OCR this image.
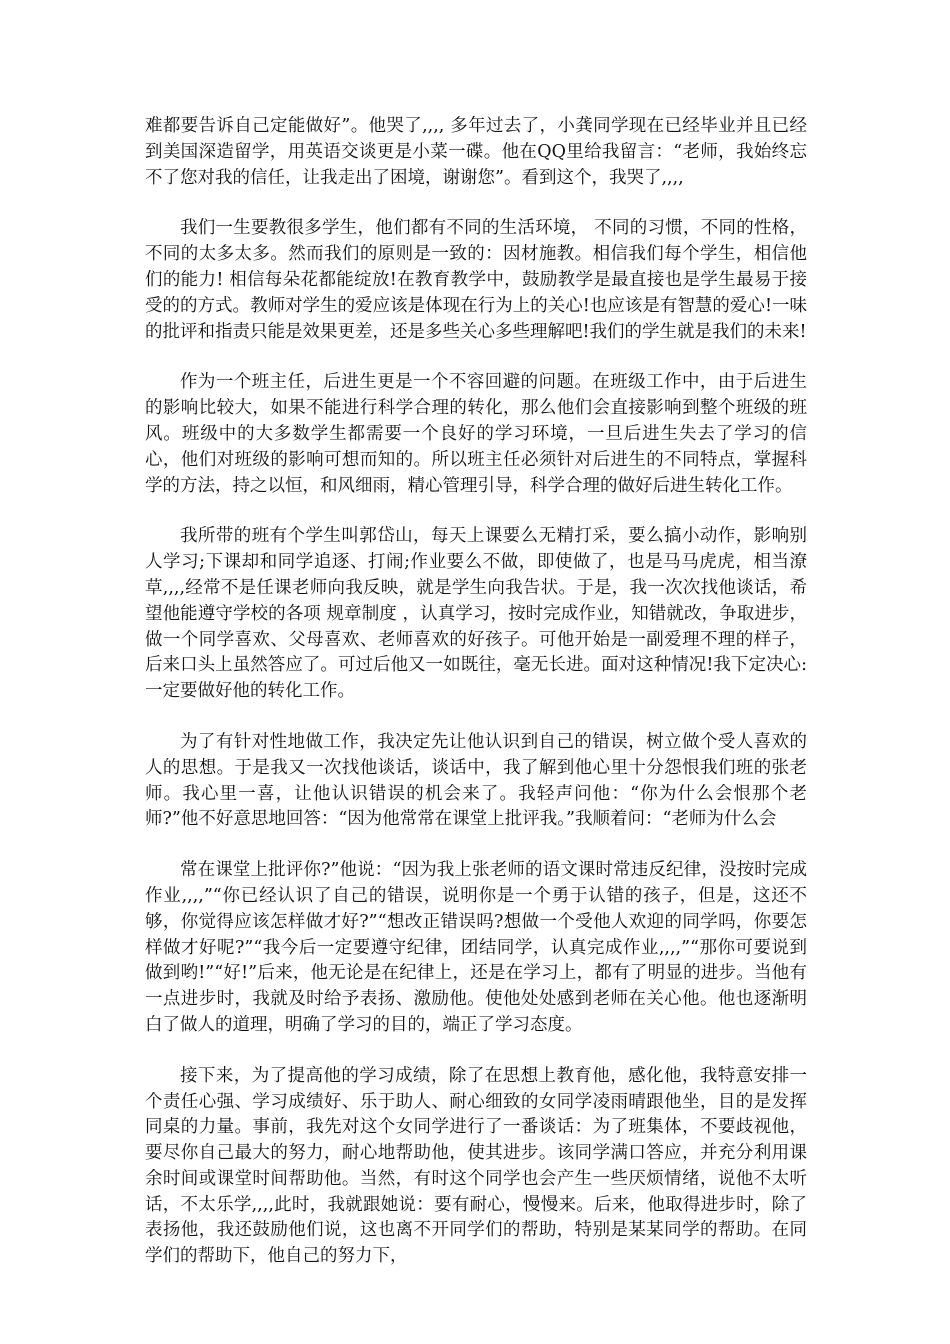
难都要告诉自己定能做好”。他哭了,,,, 多年过去了，小龚同学现在已经毕业并且已经到美国深造留学，用英语交谈更是小菜一碟。他在QQ里给我留言：“老师，我始终忘不了您对我的信任，让我走出了困境，谢谢您”。看到这个，我哭了,,,,

我们一生要教很多学生，他们都有不同的生活环境， 不同的习惯，不同的性格，不同的太多太多。然而我们的原则是一致的：因材施教。相信我们每个学生，相信他们的能力! 相信每朵花都能绽放!在教育教学中，鼓励教学是最直接也是学生最易于接受的的方式。教师对学生的爱应该是体现在行为上的关心!也应该是有智慧的爱心!一味的批评和指责只能是效果更差，还是多些关心多些理解吧!我们的学生就是我们的未来!

作为一个班主任，后进生更是一个不容回避的问题。在班级工作中，由于后进生的影响比较大，如果不能进行科学合理的转化，那么他们会直接影响到整个班级的班风。班级中的大多数学生都需要一个良好的学习环境，一旦后进生失去了学习的信心，他们对班级的影响可想而知的。所以班主任必须针对后进生的不同特点，掌握科学的方法，持之以恒，和风细雨，精心管理引导，科学合理的做好后进生转化工作。

我所带的班有个学生叫郭岱山，每天上课要么无精打采，要么搞小动作，影响别人学习;下课却和同学追逐、打闹;作业要么不做，即使做了，也是马马虎虎，相当潦草,,,,经常不是任课老师向我反映，就是学生向我告状。于是，我一次次找他谈话，希望他能遵守学校的各项 规章制度 ，认真学习，按时完成作业，知错就改，争取进步，做一个同学喜欢、父母喜欢、老师喜欢的好孩子。可他开始是一副爱理不理的样子，后来口头上虽然答应了。可过后他又一如既往，毫无长进。面对这种情况!我下定决心:一定要做好他的转化工作。

为了有针对性地做工作，我决定先让他认识到自己的错误，树立做个受人喜欢的人的思想。于是我又一次找他谈话，谈话中，我了解到他心里十分怨恨我们班的张老师。我心里一喜，让他认识错误的机会来了。我轻声问他：“你为什么会恨那个老师?”他不好意思地回答：“因为他常常在课堂上批评我。”我顺着问：“老师为什么会

常在课堂上批评你?”他说：“因为我上张老师的语文课时常违反纪律，没按时完成作业,,,,”“你已经认识了自己的错误，说明你是一个勇于认错的孩子，但是，这还不够，你觉得应该怎样做才好?”“想改正错误吗?想做一个受他人欢迎的同学吗，你要怎样做才好呢?”“我今后一定要遵守纪律，团结同学，认真完成作业,,,,”“那你可要说到做到哟!”“好!”后来，他无论是在纪律上，还是在学习上，都有了明显的进步。当他有一点进步时，我就及时给予表扬、激励他。使他处处感到老师在关心他。他也逐渐明白了做人的道理，明确了学习的目的，端正了学习态度。

接下来，为了提高他的学习成绩，除了在思想上教育他，感化他，我特意安排一个责任心强、学习成绩好、乐于助人、耐心细致的女同学凌雨晴跟他坐，目的是发挥同桌的力量。事前，我先对这个女同学进行了一番谈话：为了班集体，不要歧视他，要尽你自己最大的努力，耐心地帮助他，使其进步。该同学满口答应，并充分利用课余时间或课堂时间帮助他。当然，有时这个同学也会产生一些厌烦情绪，说他不太听话，不太乐学,,,,此时，我就跟她说：要有耐心，慢慢来。后来，他取得进步时，除了表扬他，我还鼓励他们说，这也离不开同学们的帮助，特别是某某同学的帮助。在同学们的帮助下，他自己的努力下，
